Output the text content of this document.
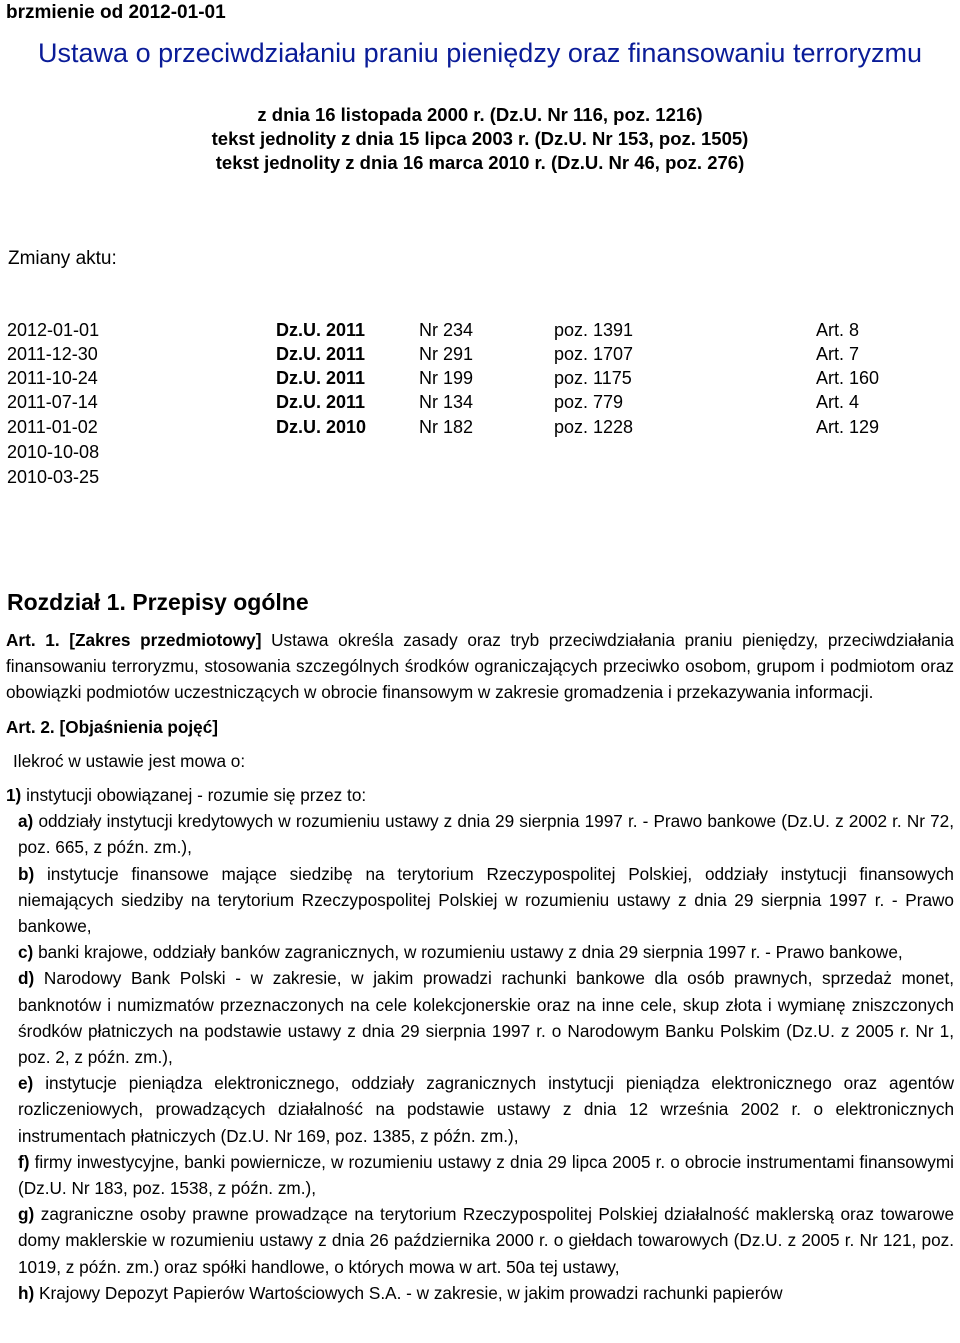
brzmienie od 2012-01-01
Ustawa o przeciwdziałaniu praniu pieniędzy oraz finansowaniu terroryzmu
z dnia 16 listopada 2000 r. (Dz.U. Nr 116, poz. 1216)
tekst jednolity z dnia 15 lipca 2003 r. (Dz.U. Nr 153, poz. 1505)
tekst jednolity z dnia 16 marca 2010 r. (Dz.U. Nr 46, poz. 276)
Zmiany aktu:
2012-01-01	Dz.U. 2011	Nr 234	poz. 1391	Art. 8
2011-12-30	Dz.U. 2011	Nr 291	poz. 1707	Art. 7
2011-10-24	Dz.U. 2011	Nr 199	poz. 1175	Art. 160
2011-07-14	Dz.U. 2011	Nr 134	poz. 779	Art. 4
2011-01-02	Dz.U. 2010	Nr 182	poz. 1228	Art. 129
2010-10-08
2010-03-25
Rozdział 1. Przepisy ogólne

Art. 1. [Zakres przedmiotowy] Ustawa określa zasady oraz tryb przeciwdziałania praniu pieniędzy, przeciwdziałania finansowaniu terroryzmu, stosowania szczególnych środków ograniczających przeciwko osobom, grupom i podmiotom oraz obowiązki podmiotów uczestniczących w obrocie finansowym w zakresie gromadzenia i przekazywania informacji.

Art. 2. [Objaśnienia pojęć]

Ilekroć w ustawie jest mowa o:

1) instytucji obowiązanej - rozumie się przez to:

a) oddziały instytucji kredytowych w rozumieniu ustawy z dnia 29 sierpnia 1997 r. - Prawo bankowe (Dz.U. z 2002 r. Nr 72, poz. 665, z późn. zm.),

b) instytucje finansowe mające siedzibę na terytorium Rzeczypospolitej Polskiej, oddziały instytucji finansowych niemających siedziby na terytorium Rzeczypospolitej Polskiej w rozumieniu ustawy z dnia 29 sierpnia 1997 r. - Prawo bankowe,

c) banki krajowe, oddziały banków zagranicznych, w rozumieniu ustawy z dnia 29 sierpnia 1997 r. - Prawo bankowe,

d) Narodowy Bank Polski - w zakresie, w jakim prowadzi rachunki bankowe dla osób prawnych, sprzedaż monet, banknotów i numizmatów przeznaczonych na cele kolekcjonerskie oraz na inne cele, skup złota i wymianę zniszczonych środków płatniczych na podstawie ustawy z dnia 29 sierpnia 1997 r. o Narodowym Banku Polskim (Dz.U. z 2005 r. Nr 1, poz. 2, z późn. zm.),

e) instytucje pieniądza elektronicznego, oddziały zagranicznych instytucji pieniądza elektronicznego oraz agentów rozliczeniowych, prowadzących działalność na podstawie ustawy z dnia 12 września 2002 r. o elektronicznych instrumentach płatniczych (Dz.U. Nr 169, poz. 1385, z późn. zm.),

f) firmy inwestycyjne, banki powiernicze, w rozumieniu ustawy z dnia 29 lipca 2005 r. o obrocie instrumentami finansowymi (Dz.U. Nr 183, poz. 1538, z późn. zm.),

g) zagraniczne osoby prawne prowadzące na terytorium Rzeczypospolitej Polskiej działalność maklerską oraz towarowe domy maklerskie w rozumieniu ustawy z dnia 26 października 2000 r. o giełdach towarowych (Dz.U. z 2005 r. Nr 121, poz. 1019, z późn. zm.) oraz spółki handlowe, o których mowa w art. 50a tej ustawy,

h) Krajowy Depozyt Papierów Wartościowych S.A. - w zakresie, w jakim prowadzi rachunki papierów
